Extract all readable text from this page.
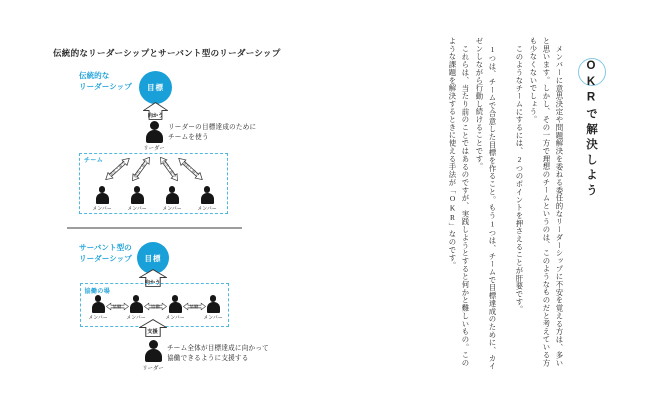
伝統的なリーダーシップとサーバント型のリーダーシップ
伝統的な
リーダーシップ	目標
向かう
リーダー
リーダーの目標達成のために
チームを使う
チーム 指示・命令	指示・命令	指示・命令 指示・命令
メンバー	メンバー	メンバー	メンバー
サーバント型の
リーダーシップ	目標
向かう
協働の場
メンバー	メンバー	メンバー	メンバー
協働	協働	協働
支援
リーダー
チーム全体が目標達成に向かって
協働できるように支援する
OKRで解決しよう
メンバーに意思決定や問題解決を委ねる委任的なリーダーシップに不安を覚える方は、多い
と思います。しかし、その一方で理想のチームというのは、このようなものだと考えている方
も少なくないでしょう。
このようなチームにするには、2つのポイントを押さえることが肝要です。
1つは、チームで合意した目標を作ること。もう1つは、チームで目標達成のために、カイ
ゼンしながら行動し続けることです。
これらは、当たり前のことではあるのですが、実践しようとすると何かと難しいもの。この
ような課題を解決するときに使える手法が「OKR」なのです。
